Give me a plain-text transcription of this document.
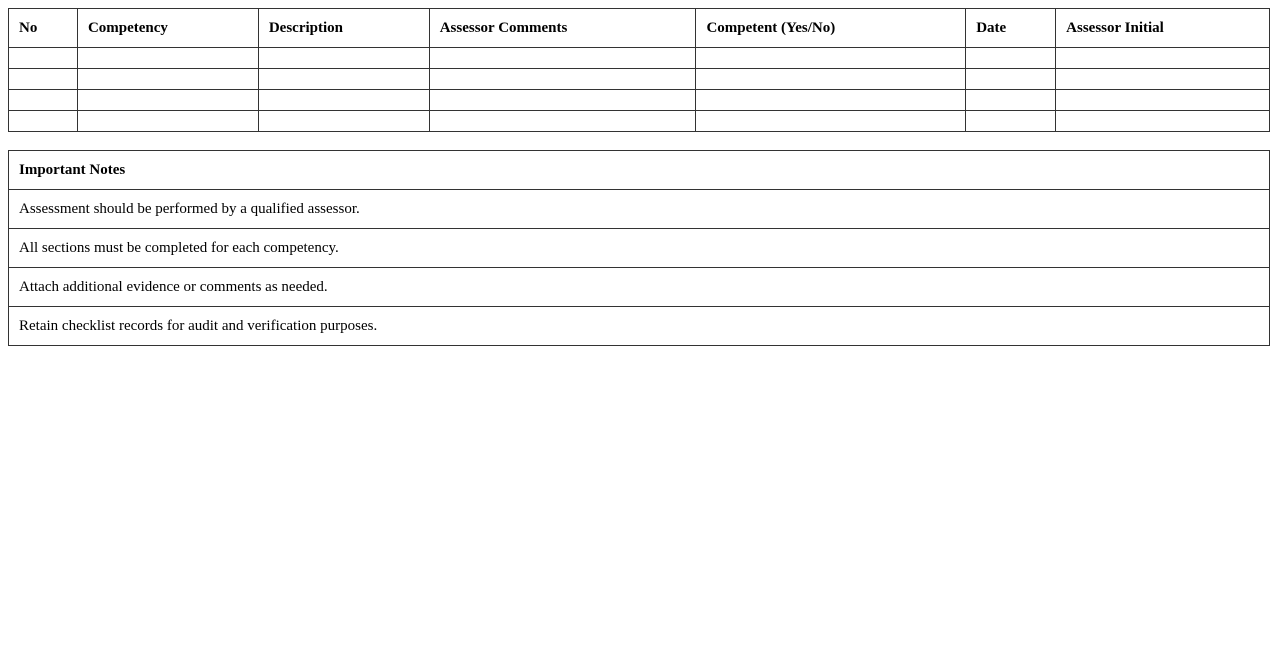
No	Competency	Description	Assessor Comments	Competent (Yes/No)	Date	Assessor Initial

Important Notes
Assessment should be performed by a qualified assessor.
All sections must be completed for each competency.
Attach additional evidence or comments as needed.
Retain checklist records for audit and verification purposes.
